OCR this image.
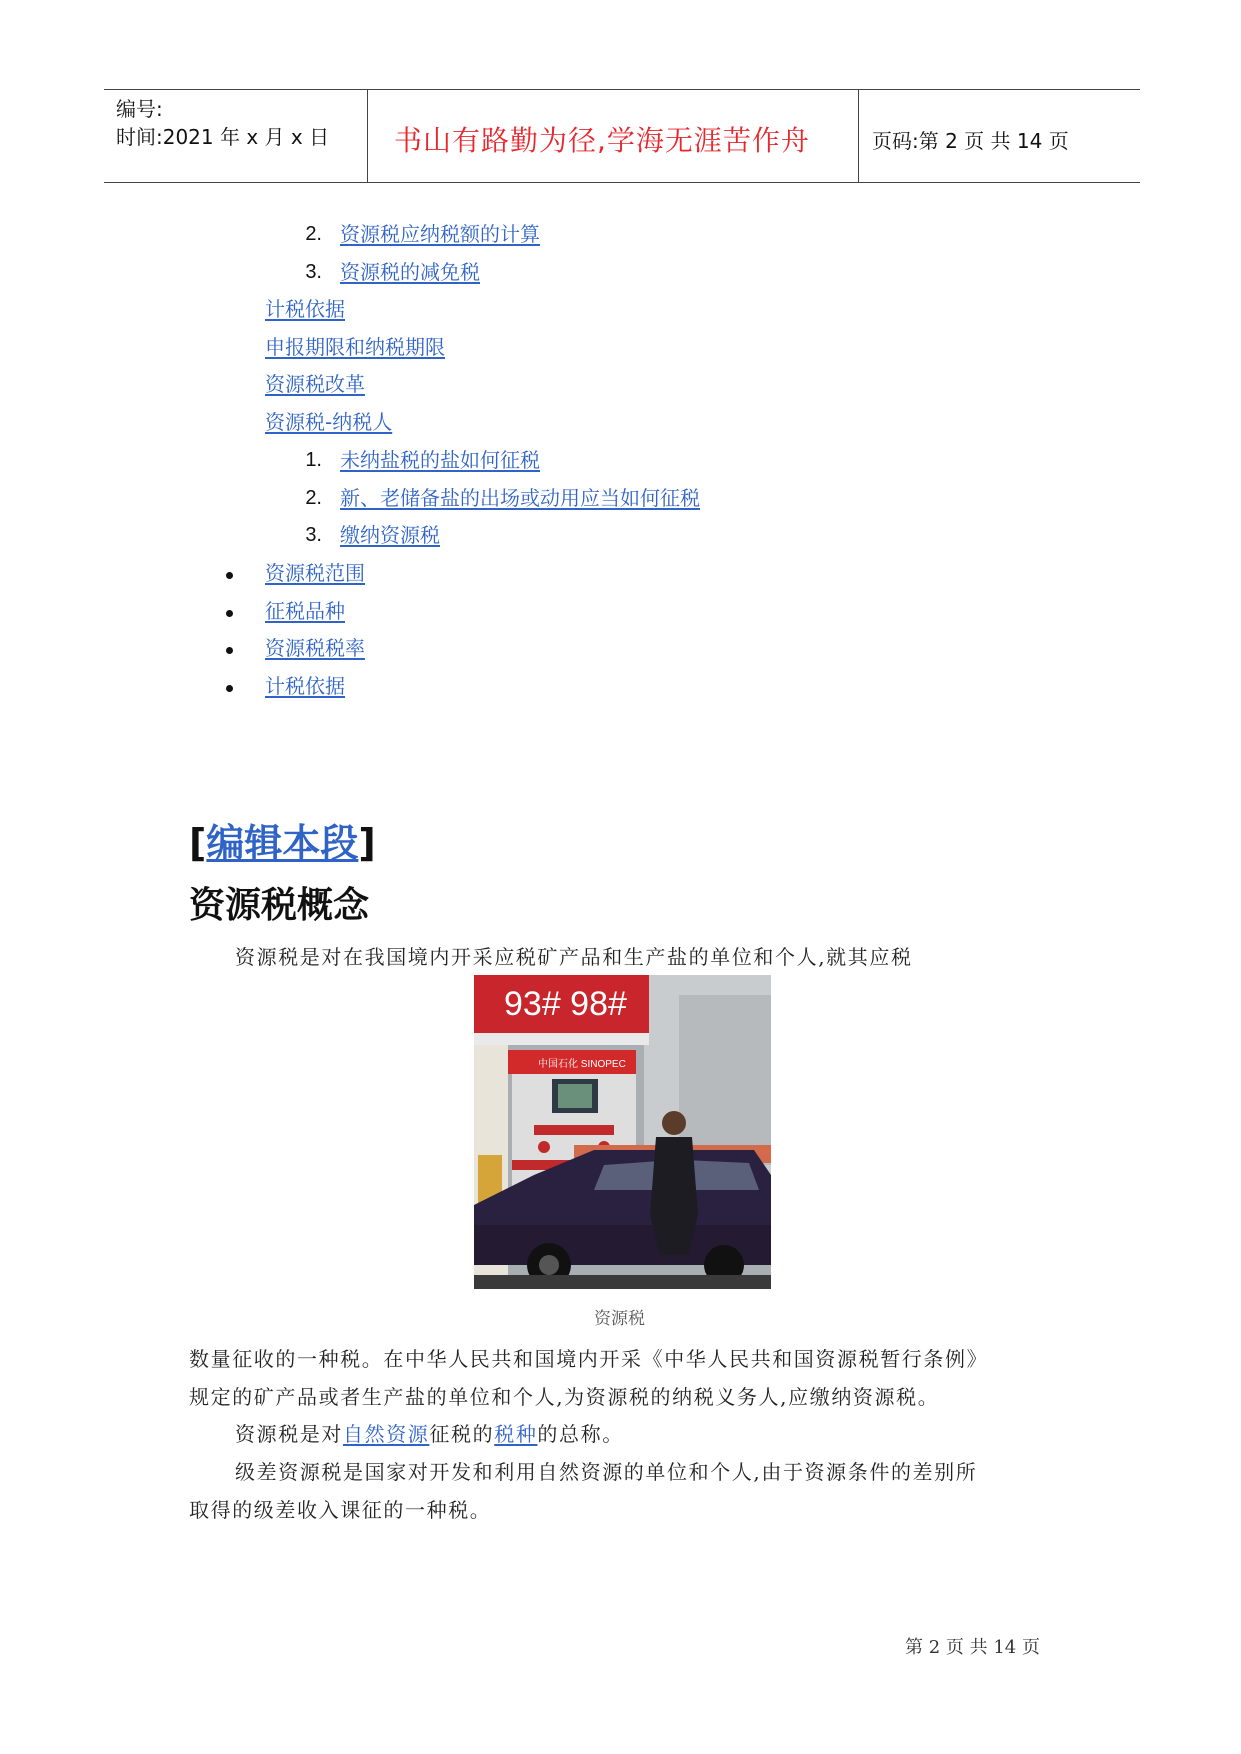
编号:
时间:2021 年 x 月 x 日 书山有路勤为径,学海无涯苦作舟	页码:第 2 页 共 14 页
2. 资源税应纳税额的计算
3. 资源税的减免税
计税依据
申报期限和纳税期限
资源税改革
资源税-纳税人
1. 未纳盐税的盐如何征税
2. 新、老储备盐的出场或动用应当如何征税
3. 缴纳资源税
资源税范围
征税品种
资源税税率
计税依据
[编辑本段]
资源税概念
资源税是对在我国境内开采应税矿产品和生产盐的单位和个人,就其应税
93# 98#
中国石化 SINOPEC
资源税
数量征收的一种税。在中华人民共和国境内开采《中华人民共和国资源税暂行条例》
规定的矿产品或者生产盐的单位和个人,为资源税的纳税义务人,应缴纳资源税。
资源税是对自然资源征税的税种的总称。
级差资源税是国家对开发和利用自然资源的单位和个人,由于资源条件的差别所
取得的级差收入课征的一种税。
第 2 页 共 14 页
